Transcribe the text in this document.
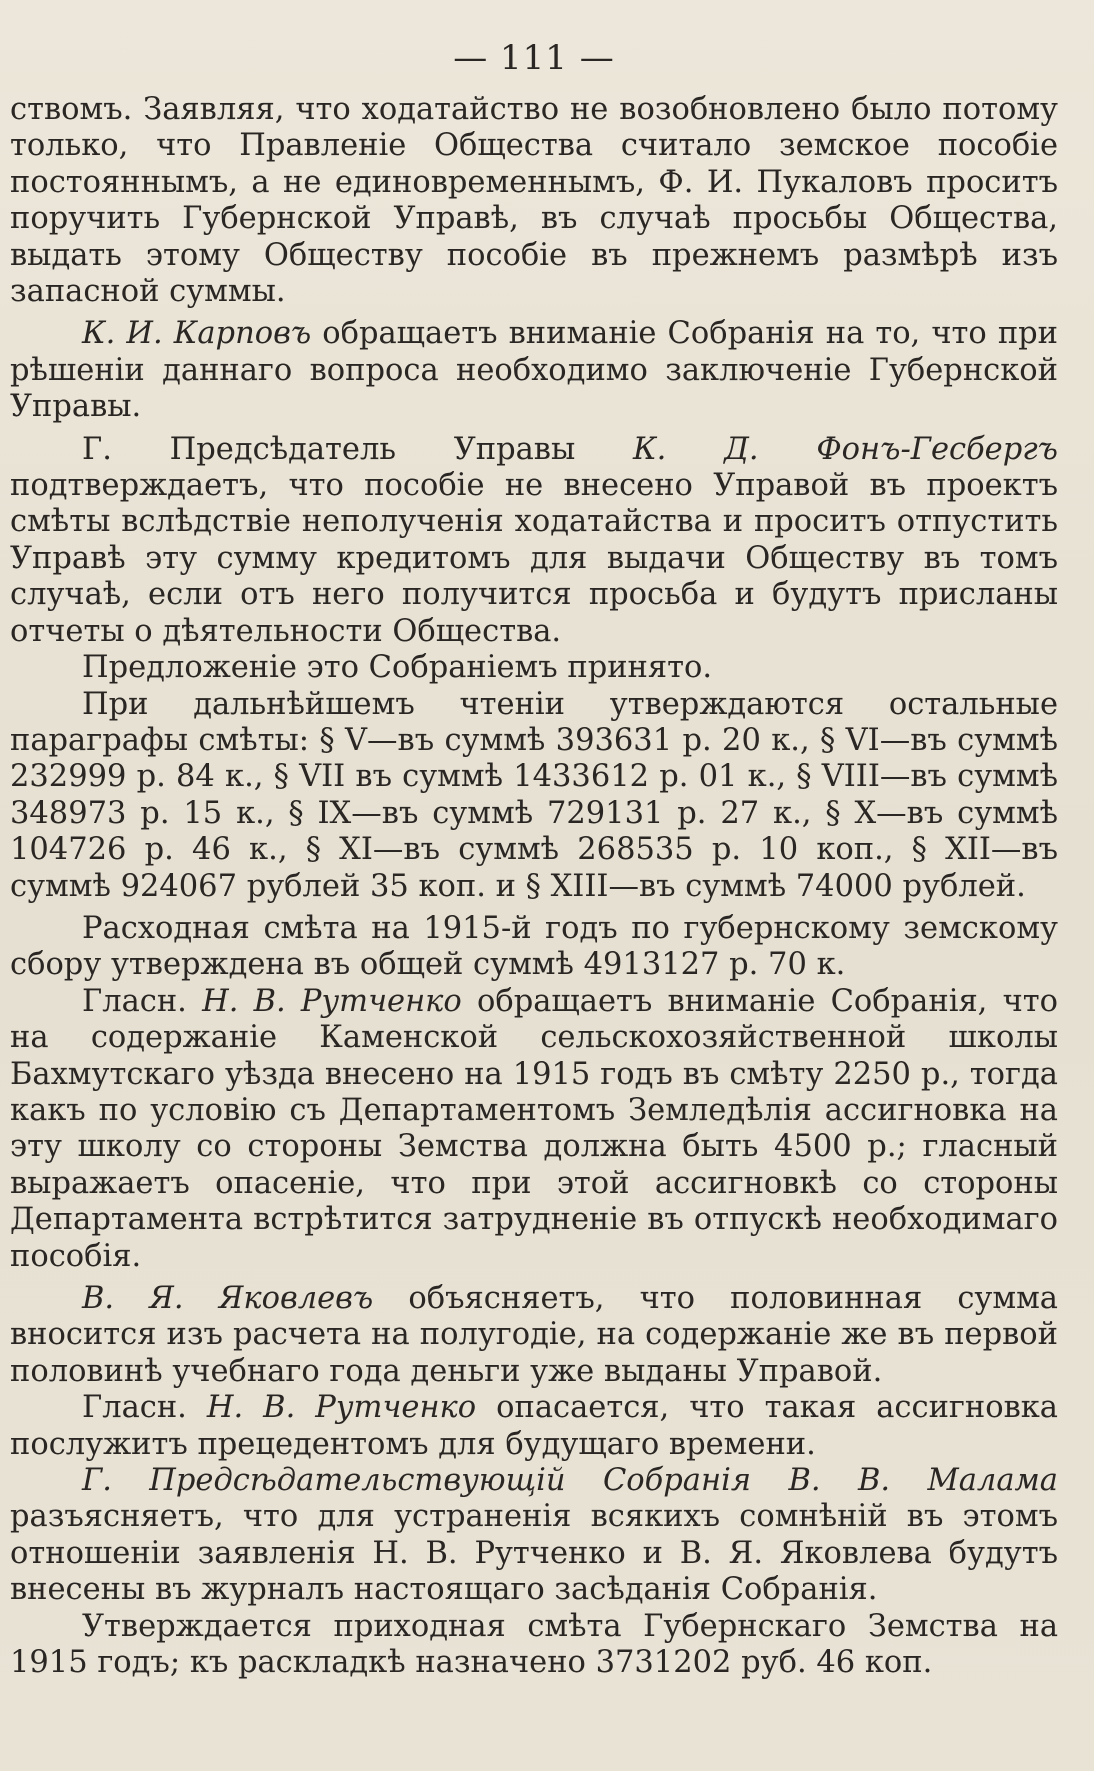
— 111 —

ствомъ. Заявляя, что ходатайство не возобновлено было потому только, что Правленіе Общества считало земское пособіе постояннымъ, а не единовременнымъ, Ф. И. Пукаловъ проситъ поручить Губернской Управѣ, въ случаѣ просьбы Общества, выдать этому Обществу пособіе въ прежнемъ размѣрѣ изъ запасной суммы.

К. И. Карповъ обращаетъ вниманіе Собранія на то, что при рѣшеніи даннаго вопроса необходимо заключеніе Губернской Управы.

Г. Предсѣдатель Управы К. Д. Фонъ-Гесбергъ подтверждаетъ, что пособіе не внесено Управой въ проектъ смѣты вслѣдствіе неполученія ходатайства и проситъ отпустить Управѣ эту сумму кредитомъ для выдачи Обществу въ томъ случаѣ, если отъ него получится просьба и будутъ присланы отчеты о дѣятельности Общества.

Предложеніе это Собраніемъ принято.

При дальнѣйшемъ чтеніи утверждаются остальные параграфы смѣты: § V—въ суммѣ 393631 р. 20 к., § VI—въ суммѣ 232999 р. 84 к., § VII въ суммѣ 1433612 р. 01 к., § VIII—въ суммѣ 348973 р. 15 к., § IX—въ суммѣ 729131 р. 27 к., § X—въ суммѣ 104726 р. 46 к., § XI—въ суммѣ 268535 р. 10 коп., § XII—въ суммѣ 924067 рублей 35 коп. и § XIII—въ суммѣ 74000 рублей.

Расходная смѣта на 1915-й годъ по губернскому земскому сбору утверждена въ общей суммѣ 4913127 р. 70 к.

Гласн. Н. В. Рутченко обращаетъ вниманіе Собранія, что на содержаніе Каменской сельскохозяйственной школы Бахмутскаго уѣзда внесено на 1915 годъ въ смѣту 2250 р., тогда какъ по условію съ Департаментомъ Земледѣлія ассигновка на эту школу со стороны Земства должна быть 4500 р.; гласный выражаетъ опасеніе, что при этой ассигновкѣ со стороны Департамента встрѣтится затрудненіе въ отпускѣ необходимаго пособія.

В. Я. Яковлевъ объясняетъ, что половинная сумма вносится изъ расчета на полугодіе, на содержаніе же въ первой половинѣ учебнаго года деньги уже выданы Управой.

Гласн. Н. В. Рутченко опасается, что такая ассигновка послужитъ прецедентомъ для будущаго времени.

Г. Предсѣдательствующій Собранія В. В. Малама разъясняетъ, что для устраненія всякихъ сомнѣній въ этомъ отношеніи заявленія Н. В. Рутченко и В. Я. Яковлева будутъ внесены въ журналъ настоящаго засѣданія Собранія.

Утверждается приходная смѣта Губернскаго Земства на 1915 годъ; къ раскладкѣ назначено 3731202 руб. 46 коп.
